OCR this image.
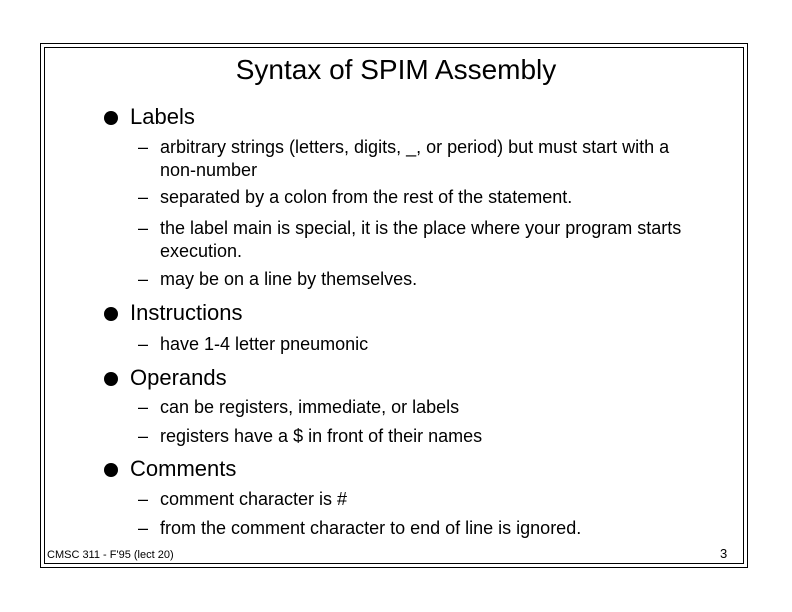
Syntax of SPIM Assembly
Labels
– arbitrary strings (letters, digits, _, or period) but must start with a non-number
– separated by a colon from the rest of the statement.
– the label main is special, it is the place where your program starts execution.
– may be on a line by themselves.
Instructions
– have 1-4 letter pneumonic
Operands
– can be registers, immediate, or labels
– registers have a $ in front of their names
Comments
– comment character is #
– from the comment character to end of line is ignored.
CMSC 311 - F'95 (lect 20)	3
